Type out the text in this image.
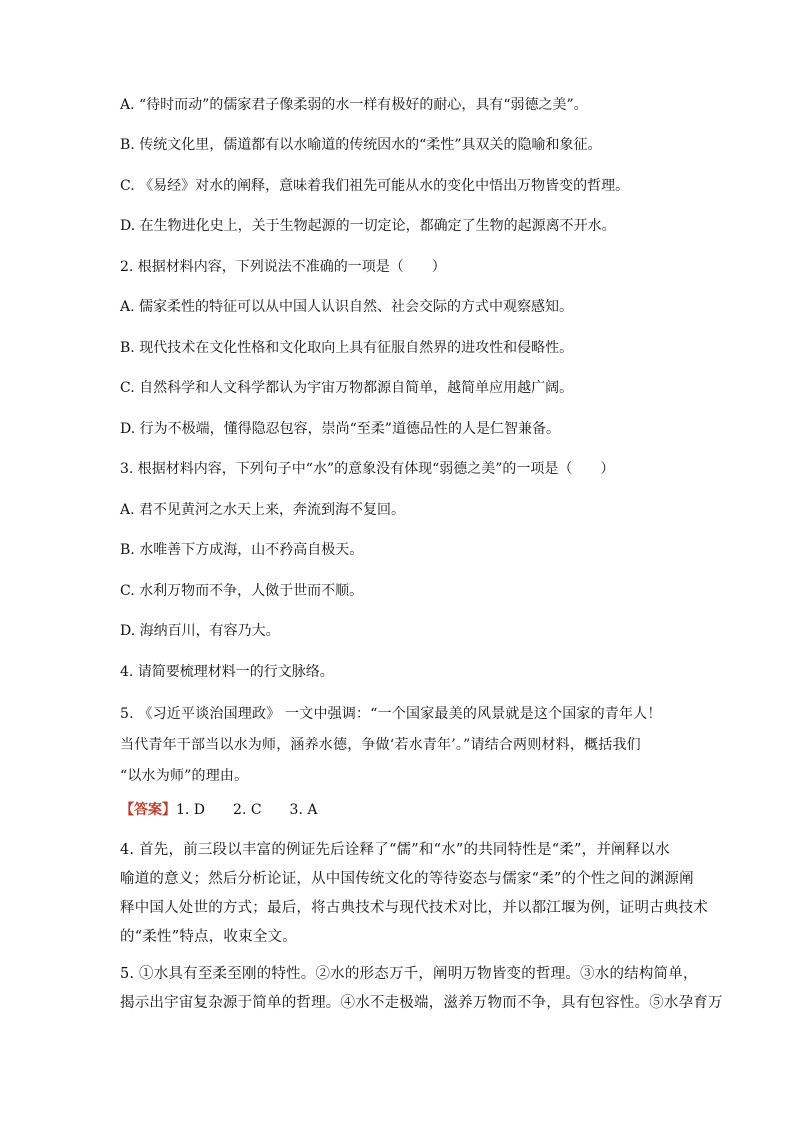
A. “待时而动”的儒家君子像柔弱的水一样有极好的耐心，具有“弱德之美”。
B. 传统文化里，儒道都有以水喻道的传统因水的“柔性”具双关的隐喻和象征。
C. 《易经》对水的阐释，意味着我们祖先可能从水的变化中悟出万物皆变的哲理。
D. 在生物进化史上，关于生物起源的一切定论，都确定了生物的起源离不开水。
2. 根据材料内容，下列说法不准确的一项是（　　）
A. 儒家柔性的特征可以从中国人认识自然、社会交际的方式中观察感知。
B. 现代技术在文化性格和文化取向上具有征服自然界的进攻性和侵略性。
C. 自然科学和人文科学都认为宇宙万物都源自简单，越简单应用越广阔。
D. 行为不极端，懂得隐忍包容，崇尚“至柔”道德品性的人是仁智兼备。
3. 根据材料内容，下列句子中“水”的意象没有体现“弱德之美”的一项是（　　）
A. 君不见黄河之水天上来，奔流到海不复回。
B. 水唯善下方成海，山不矜高自极天。
C. 水利万物而不争，人傚于世而不顺。
D. 海纳百川，有容乃大。
4. 请简要梳理材料一的行文脉络。
5. 《习近平谈治国理政》 一文中强调：“一个国家最美的风景就是这个国家的青年人！
当代青年干部当以水为师，涵养水德，争做‘若水青年’。”请结合两则材料，概括我们
“以水为师”的理由。
【答案】1. D　　2. C　　3. A
4. 首先，前三段以丰富的例证先后诠释了“儒”和“水”的共同特性是“柔”，并阐释以水
喻道的意义；然后分析论证，从中国传统文化的等待姿态与儒家“柔”的个性之间的渊源阐
释中国人处世的方式；最后，将古典技术与现代技术对比，并以都江堰为例，证明古典技术
的“柔性”特点，收束全文。
5. ①水具有至柔至刚的特性。②水的形态万千，阐明万物皆变的哲理。③水的结构简单，
揭示出宇宙复杂源于简单的哲理。④水不走极端，滋养万物而不争，具有包容性。⑤水孕育万
